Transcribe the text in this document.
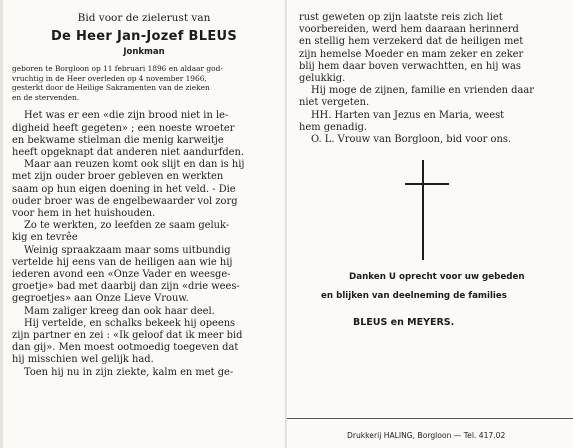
Bid voor de zielerust van

De Heer Jan-Jozef BLEUS

Jonkman

geboren te Borgloon op 11 februari 1896 en aldaar god-

vruchtig in de Heer overleden op 4 november 1966,

gesterkt door de Heilige Sakramenten van de zieken

en de stervenden.

Het was er een «die zijn brood niet in le-

digheid heeft gegeten» ; een noeste wroeter

en bekwame stielman die menig karweitje

heeft opgeknapt dat anderen niet aandurfden.

Maar aan reuzen komt ook slijt en dan is hij

met zijn ouder broer gebleven en werkten

saam op hun eigen doening in het veld. - Die

ouder broer was de engelbewaarder vol zorg

voor hem in het huishouden.

Zo te werkten, zo leefden ze saam geluk-

kig en tevrêe

Weinig spraakzaam maar soms uitbundig

vertelde hij eens van de heiligen aan wie hij

iederen avond een «Onze Vader en weesge-

groetje» bad met daarbij dan zijn «drie wees-

gegroetjes» aan Onze Lieve Vrouw.

Mam zaliger kreeg dan ook haar deel.

Hij vertelde, en schalks bekeek hij opeens

zijn partner en zei : «Ik geloof dat ik meer bid

dan gij». Men moest ootmoedig toegeven dat

hij misschien wel gelijk had.

Toen hij nu in zijn ziekte, kalm en met ge-

rust geweten op zijn laatste reis zich liet

voorbereiden, werd hem daaraan herinnerd

en stellig hem verzekerd dat de heiligen met

zijn hemelse Moeder en mam zeker en zeker

blij hem daar boven verwachtten, en hij was

gelukkig.

Hij moge de zijnen, familie en vrienden daar

niet vergeten.

HH. Harten van Jezus en Maria, weest

hem genadig.

O. L. Vrouw van Borgloon, bid voor ons.

Danken U oprecht voor uw gebeden

en blijken van deelneming de families

BLEUS en MEYERS.

Drukkerij HALING, Borgloon — Tel. 417.02
